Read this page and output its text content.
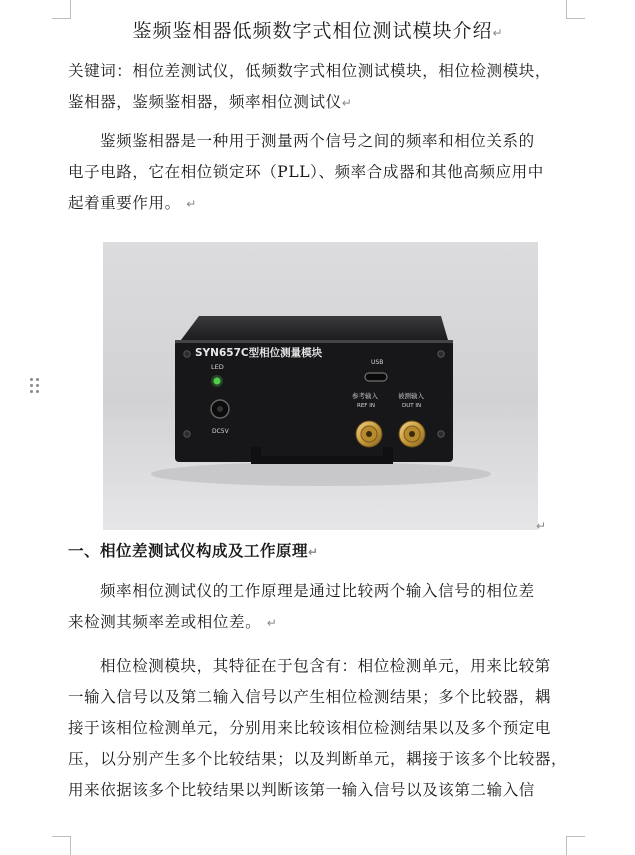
鉴频鉴相器低频数字式相位测试模块介绍↵
关键词：相位差测试仪，低频数字式相位测试模块，相位检测模块，
鉴相器，鉴频鉴相器，频率相位测试仪↵
鉴频鉴相器是一种用于测量两个信号之间的频率和相位关系的
电子电路，它在相位锁定环（PLL）、频率合成器和其他高频应用中
起着重要作用。 ↵
SYN657C型相位测量模块
LED
DC5V
USB
参考输入
REF IN
被测输入
DUT IN
↵
一、相位差测试仪构成及工作原理↵
频率相位测试仪的工作原理是通过比较两个输入信号的相位差
来检测其频率差或相位差。 ↵
相位检测模块，其特征在于包含有：相位检测单元，用来比较第
一输入信号以及第二输入信号以产生相位检测结果；多个比较器，耦
接于该相位检测单元，分别用来比较该相位检测结果以及多个预定电
压，以分别产生多个比较结果；以及判断单元，耦接于该多个比较器，
用来依据该多个比较结果以判断该第一输入信号以及该第二输入信
